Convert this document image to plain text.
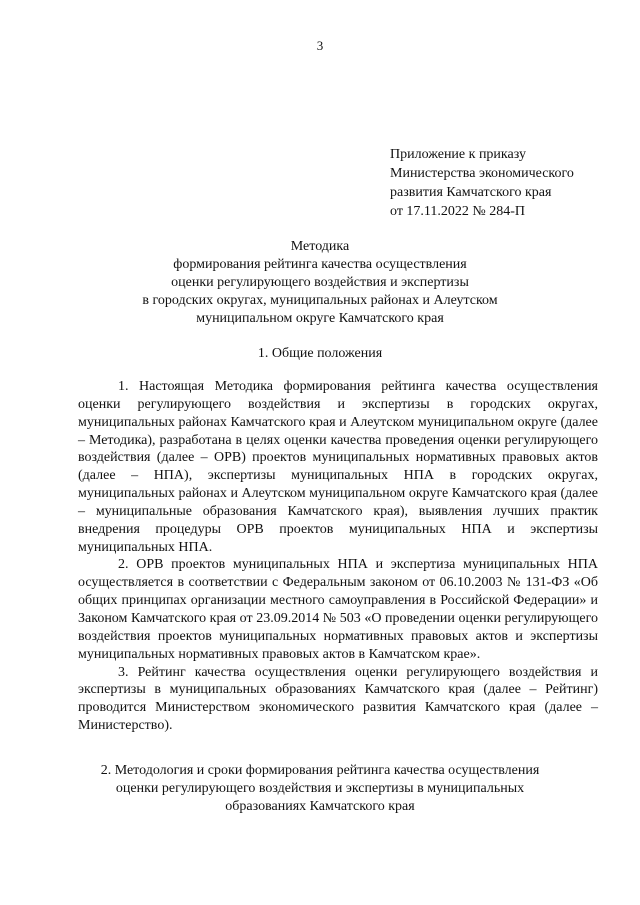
3
Приложение к приказу
Министерства экономического
развития Камчатского края
от 17.11.2022 № 284-П
Методика
формирования рейтинга качества осуществления
оценки регулирующего воздействия и экспертизы
в городских округах, муниципальных районах и Алеутском
муниципальном округе Камчатского края
1. Общие положения

1. Настоящая Методика формирования рейтинга качества осуществления оценки регулирующего воздействия и экспертизы в городских округах, муниципальных районах Камчатского края и Алеутском муниципальном округе (далее – Методика), разработана в целях оценки качества проведения оценки регулирующего воздействия (далее – ОРВ) проектов муниципальных нормативных правовых актов (далее – НПА), экспертизы муниципальных НПА в городских округах, муниципальных районах и Алеутском муниципальном округе Камчатского края (далее – муниципальные образования Камчатского края), выявления лучших практик внедрения процедуры ОРВ проектов муниципальных НПА и экспертизы муниципальных НПА.

2. ОРВ проектов муниципальных НПА и экспертиза муниципальных НПА осуществляется в соответствии с Федеральным законом от 06.10.2003 № 131-ФЗ «Об общих принципах организации местного самоуправления в Российской Федерации» и Законом Камчатского края от 23.09.2014 № 503 «О проведении оценки регулирующего воздействия проектов муниципальных нормативных правовых актов и экспертизы муниципальных нормативных правовых актов в Камчатском крае».

3. Рейтинг качества осуществления оценки регулирующего воздействия и экспертизы в муниципальных образованиях Камчатского края (далее – Рейтинг) проводится Министерством экономического развития Камчатского края (далее – Министерство).

2. Методология и сроки формирования рейтинга качества осуществления
оценки регулирующего воздействия и экспертизы в муниципальных
образованиях Камчатского края
